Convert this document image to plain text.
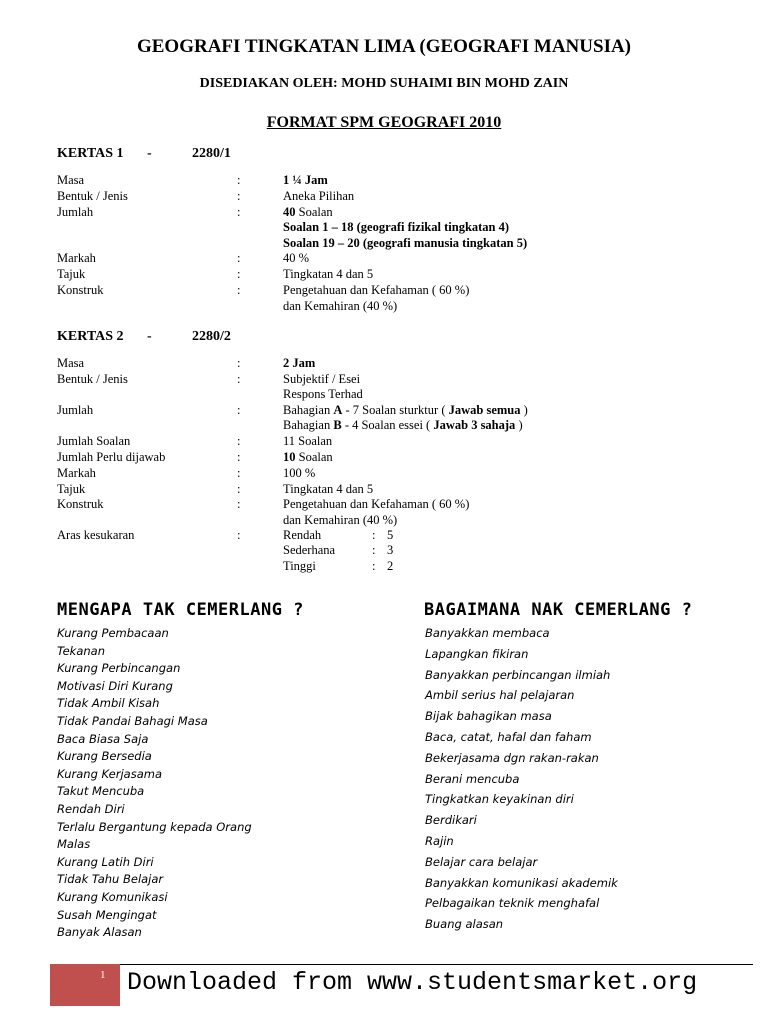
GEOGRAFI TINGKATAN LIMA (GEOGRAFI MANUSIA)
DISEDIAKAN OLEH: MOHD SUHAIMI BIN MOHD ZAIN
FORMAT SPM GEOGRAFI 2010
KERTAS 1 -	2280/1
Masa	:	1 ¼ Jam
Bentuk / Jenis	:	Aneka Pilihan
Jumlah	:	40 Soalan
Soalan 1 – 18 (geografi fizikal tingkatan 4)
Soalan 19 – 20 (geografi manusia tingkatan 5)
Markah	:	40 %
Tajuk	:	Tingkatan 4 dan 5
Konstruk	:	Pengetahuan dan Kefahaman ( 60 %)
dan Kemahiran (40 %)
KERTAS 2 -	2280/2
Masa	:	2 Jam
Bentuk / Jenis	:	Subjektif / Esei
Respons Terhad
Jumlah	:	Bahagian A - 7 Soalan sturktur ( Jawab semua )
Bahagian B - 4 Soalan essei ( Jawab 3 sahaja )
Jumlah Soalan	:	11 Soalan
Jumlah Perlu dijawab	:	10 Soalan
Markah	:	100 %
Tajuk	:	Tingkatan 4 dan 5
Konstruk	:	Pengetahuan dan Kefahaman ( 60 %)
dan Kemahiran (40 %)
Aras kesukaran	:	Rendah	: 5
Sederhana	: 3
Tinggi	: 2
MENGAPA TAK CEMERLANG ?	BAGAIMANA NAK CEMERLANG ?
Kurang Pembacaan
Tekanan
Kurang Perbincangan
Motivasi Diri Kurang
Tidak Ambil Kisah
Tidak Pandai Bahagi Masa
Baca Biasa Saja
Kurang Bersedia
Kurang Kerjasama
Takut Mencuba
Rendah Diri
Terlalu Bergantung kepada Orang
Malas
Kurang Latih Diri
Tidak Tahu Belajar
Kurang Komunikasi
Susah Mengingat
Banyak Alasan
Banyakkan membaca
Lapangkan fikiran
Banyakkan perbincangan ilmiah
Ambil serius hal pelajaran
Bijak bahagikan masa
Baca, catat, hafal dan faham
Bekerjasama dgn rakan-rakan
Berani mencuba
Tingkatkan keyakinan diri
Berdikari
Rajin
Belajar cara belajar
Banyakkan komunikasi akademik
Pelbagaikan teknik menghafal
Buang alasan
1 Downloaded from www.studentsmarket.org
